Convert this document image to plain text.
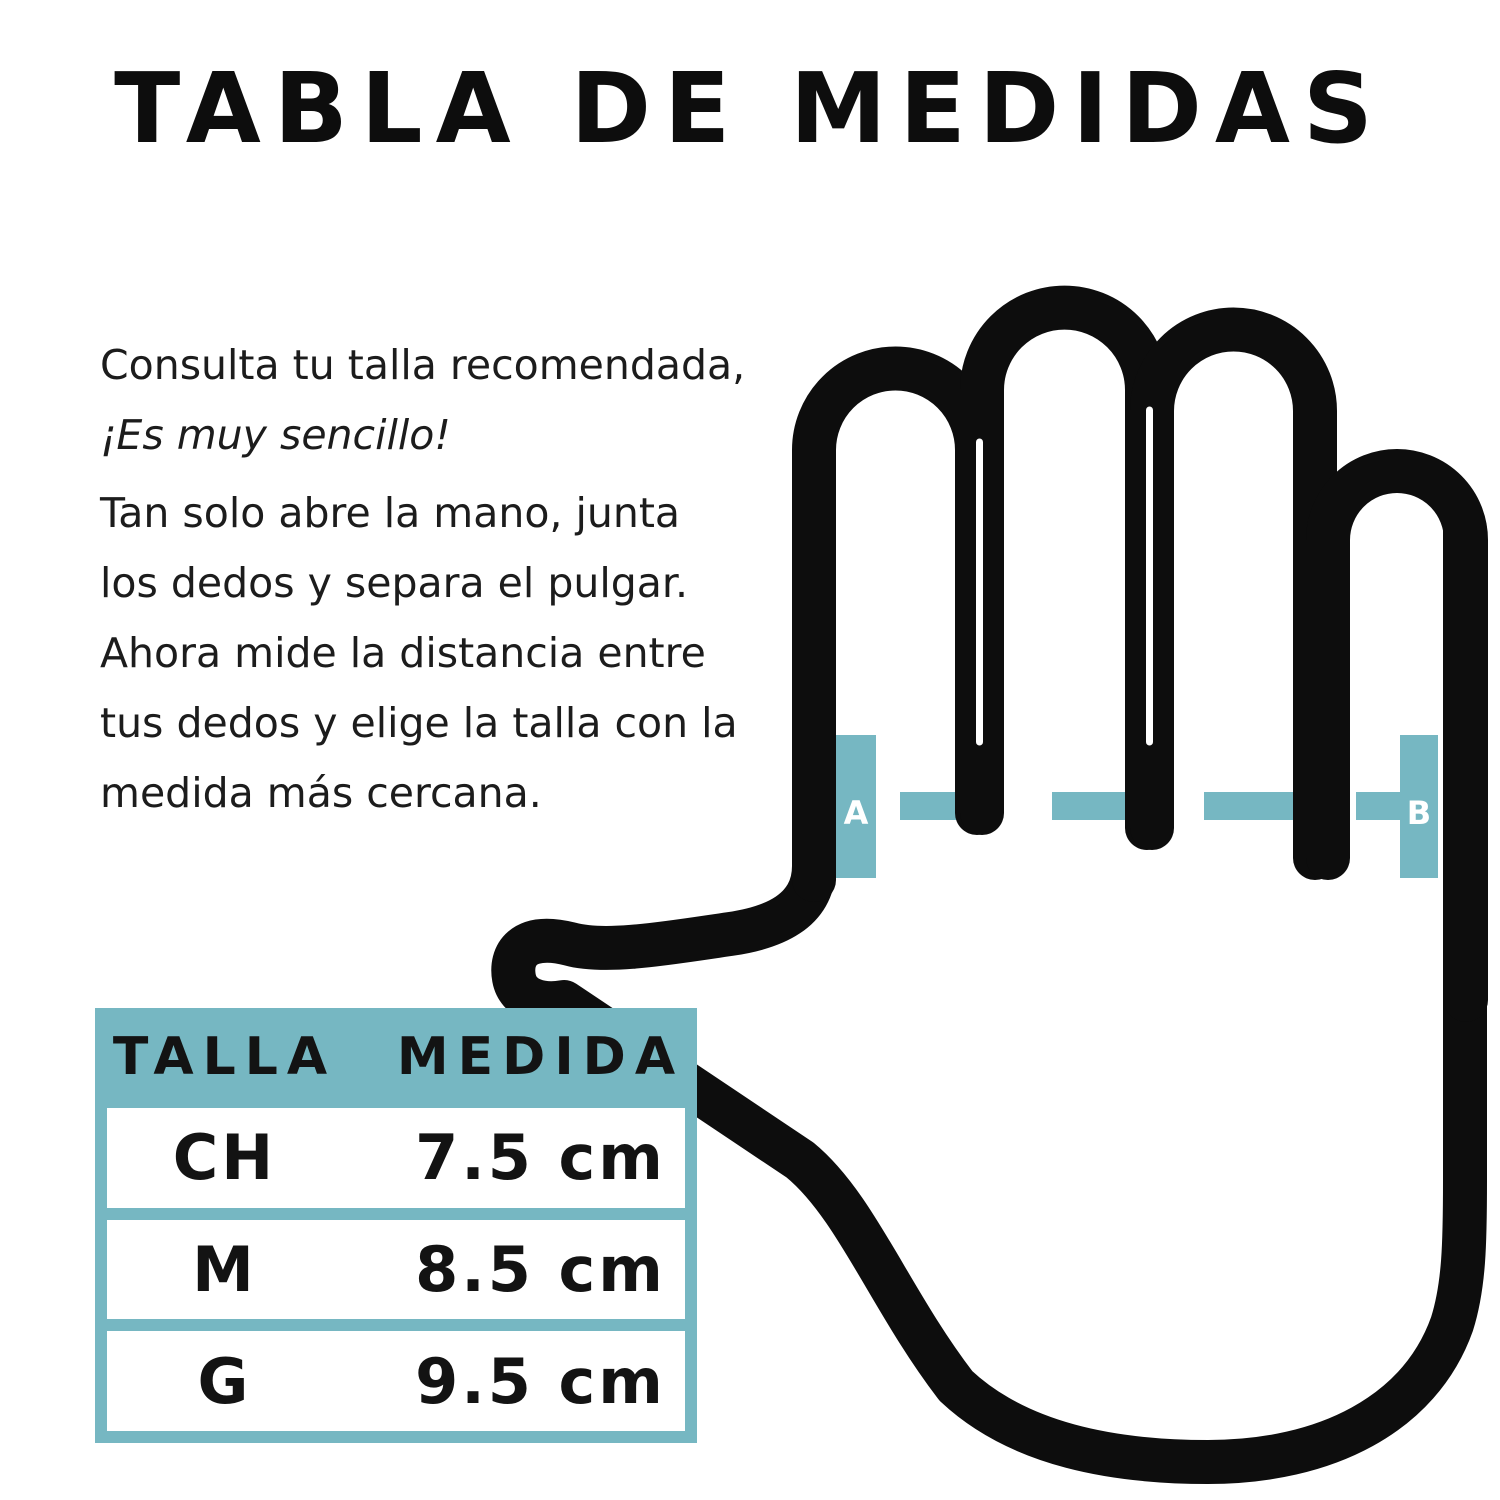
TABLA DE MEDIDAS
Consulta tu talla recomendada,
¡Es muy sencillo!
Tan solo abre la mano, junta
los dedos y separa el pulgar.
Ahora mide la distancia entre
tus dedos y elige la talla con la
medida más cercana.	A	B
TALLA	MEDIDA
CH	7.5 cm
M	8.5 cm
G	9.5 cm
